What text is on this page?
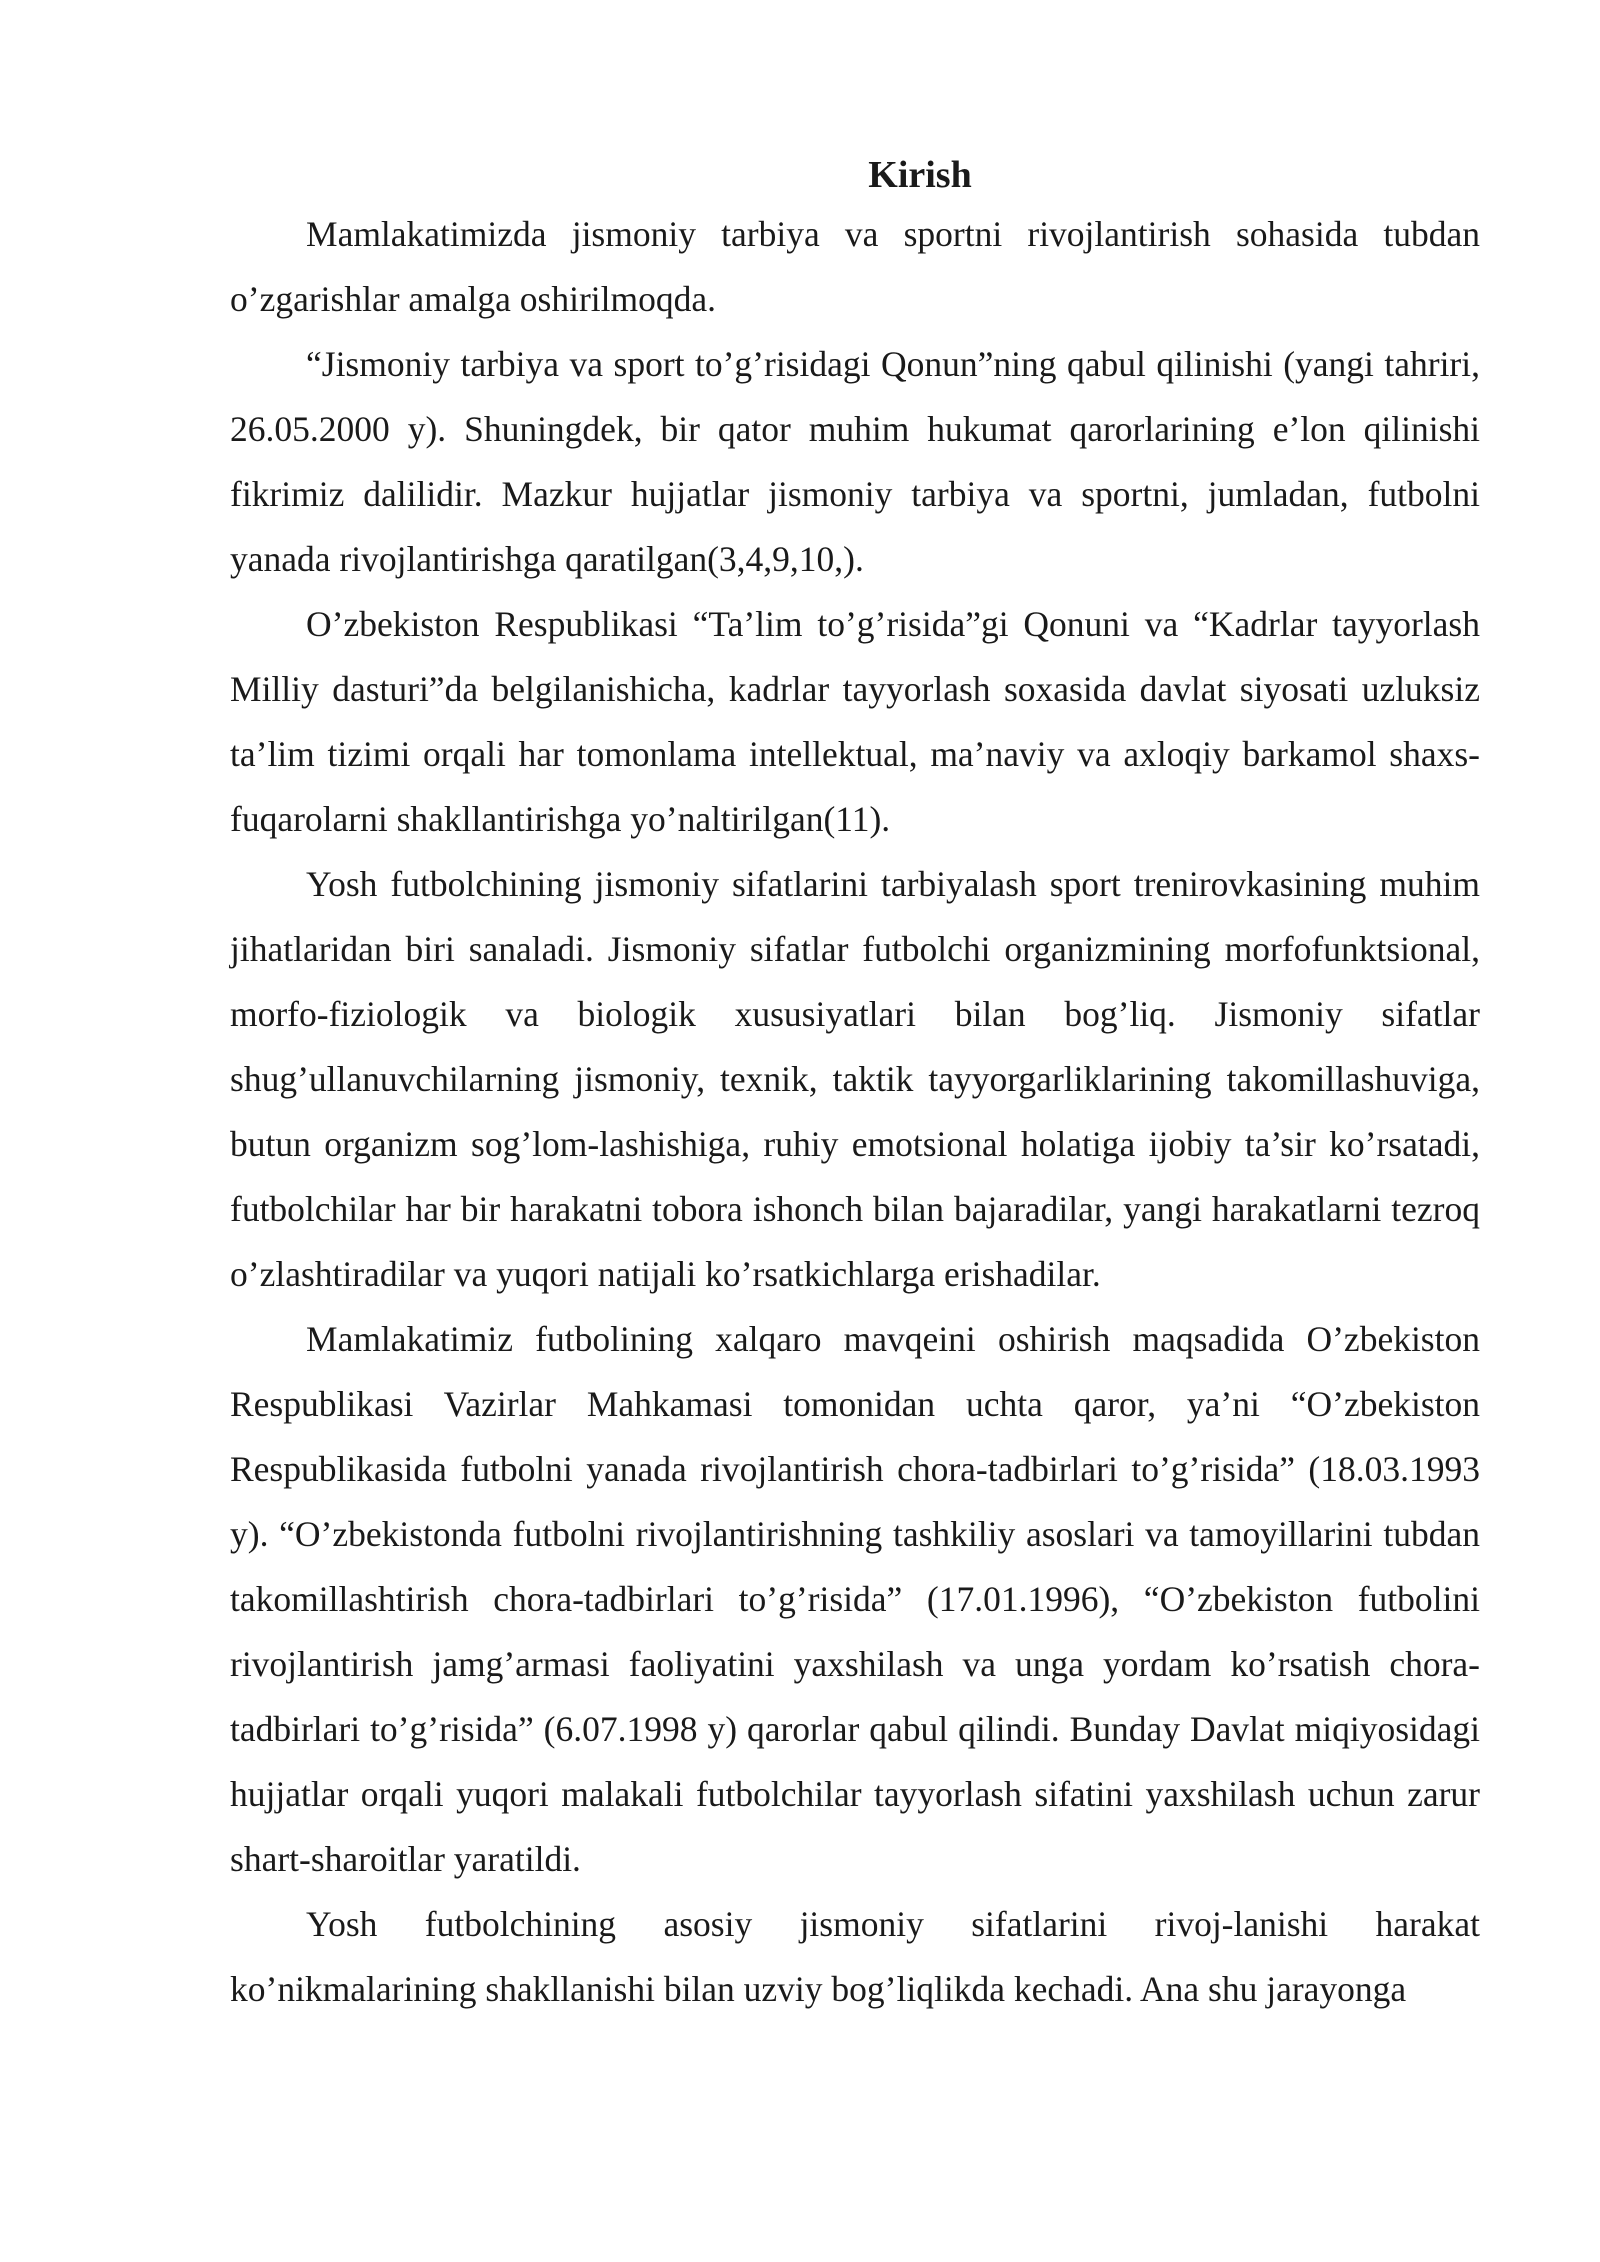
Kirish

Mamlakatimizda jismoniy tarbiya va sportni rivojlantirish sohasida tubdan o’zgarishlar amalga oshirilmoqda.

“Jismoniy tarbiya va sport to’g’risidagi Qonun”ning qabul qilinishi (yangi tahriri, 26.05.2000 y). Shuningdek, bir qator muhim hukumat qarorlarining e’lon qilinishi fikrimiz dalilidir. Mazkur hujjatlar jismoniy tarbiya va sportni, jumladan, futbolni yanada rivojlantirishga qaratilgan(3,4,9,10,).

O’zbekiston Respublikasi “Ta’lim to’g’risida”gi Qonuni va “Kadrlar tayyorlash Milliy dasturi”da belgilanishicha, kadrlar tayyorlash soxasida davlat siyosati uzluksiz ta’lim tizimi orqali har tomonlama intellektual, ma’naviy va axloqiy barkamol shaxs-fuqarolarni shakllantirishga yo’naltirilgan(11).

Yosh futbolchining jismoniy sifatlarini tarbiyalash sport trenirovkasining muhim jihatlaridan biri sanaladi. Jismoniy sifatlar futbolchi organizmining morfofunktsional, morfo-fiziologik va biologik xususiyatlari bilan bog’liq. Jismoniy sifatlar shug’ullanuvchilarning jismoniy, texnik, taktik tayyorgarliklarining takomillashuviga, butun organizm sog’lom-lashishiga, ruhiy emotsional holatiga ijobiy ta’sir ko’rsatadi, futbolchilar har bir harakatni tobora ishonch bilan bajaradilar, yangi harakatlarni tezroq o’zlashtiradilar va yuqori natijali ko’rsatkichlarga erishadilar.

Mamlakatimiz futbolining xalqaro mavqeini oshirish maqsadida O’zbekiston Respublikasi Vazirlar Mahkamasi tomonidan uchta qaror, ya’ni “O’zbekiston Respublikasida futbolni yanada rivojlantirish chora-tadbirlari to’g’risida” (18.03.1993 y). “O’zbekistonda futbolni rivojlantirishning tashkiliy asoslari va tamoyillarini tubdan takomillashtirish chora-tadbirlari to’g’risida” (17.01.1996), “O’zbekiston futbolini rivojlantirish jamg’armasi faoliyatini yaxshilash va unga yordam ko’rsatish chora-tadbirlari to’g’risida” (6.07.1998 y) qarorlar qabul qilindi. Bunday Davlat miqiyosidagi hujjatlar orqali yuqori malakali futbolchilar tayyorlash sifatini yaxshilash uchun zarur shart-sharoitlar yaratildi.

Yosh futbolchining asosiy jismoniy sifatlarini rivoj-lanishi harakat ko’nikmalarining shakllanishi bilan uzviy bog’liqlikda kechadi. Ana shu jarayonga
